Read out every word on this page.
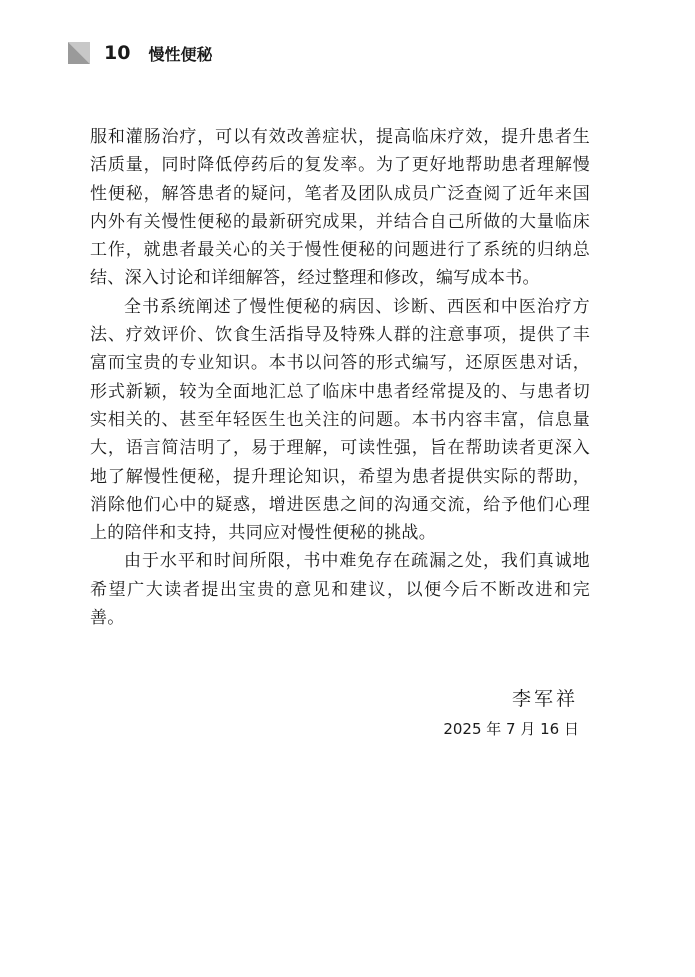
10 慢性便秘

服和灌肠治疗，可以有效改善症状，提高临床疗效，提升患者生活质量，同时降低停药后的复发率。为了更好地帮助患者理解慢性便秘，解答患者的疑问，笔者及团队成员广泛查阅了近年来国内外有关慢性便秘的最新研究成果，并结合自己所做的大量临床工作，就患者最关心的关于慢性便秘的问题进行了系统的归纳总结、深入讨论和详细解答，经过整理和修改，编写成本书。

全书系统阐述了慢性便秘的病因、诊断、西医和中医治疗方法、疗效评价、饮食生活指导及特殊人群的注意事项，提供了丰富而宝贵的专业知识。本书以问答的形式编写，还原医患对话，形式新颖，较为全面地汇总了临床中患者经常提及的、与患者切实相关的、甚至年轻医生也关注的问题。本书内容丰富，信息量大，语言简洁明了，易于理解，可读性强，旨在帮助读者更深入地了解慢性便秘，提升理论知识，希望为患者提供实际的帮助，消除他们心中的疑惑，增进医患之间的沟通交流，给予他们心理上的陪伴和支持，共同应对慢性便秘的挑战。

由于水平和时间所限，书中难免存在疏漏之处，我们真诚地希望广大读者提出宝贵的意见和建议，以便今后不断改进和完善。

李军祥
2025 年 7 月 16 日
